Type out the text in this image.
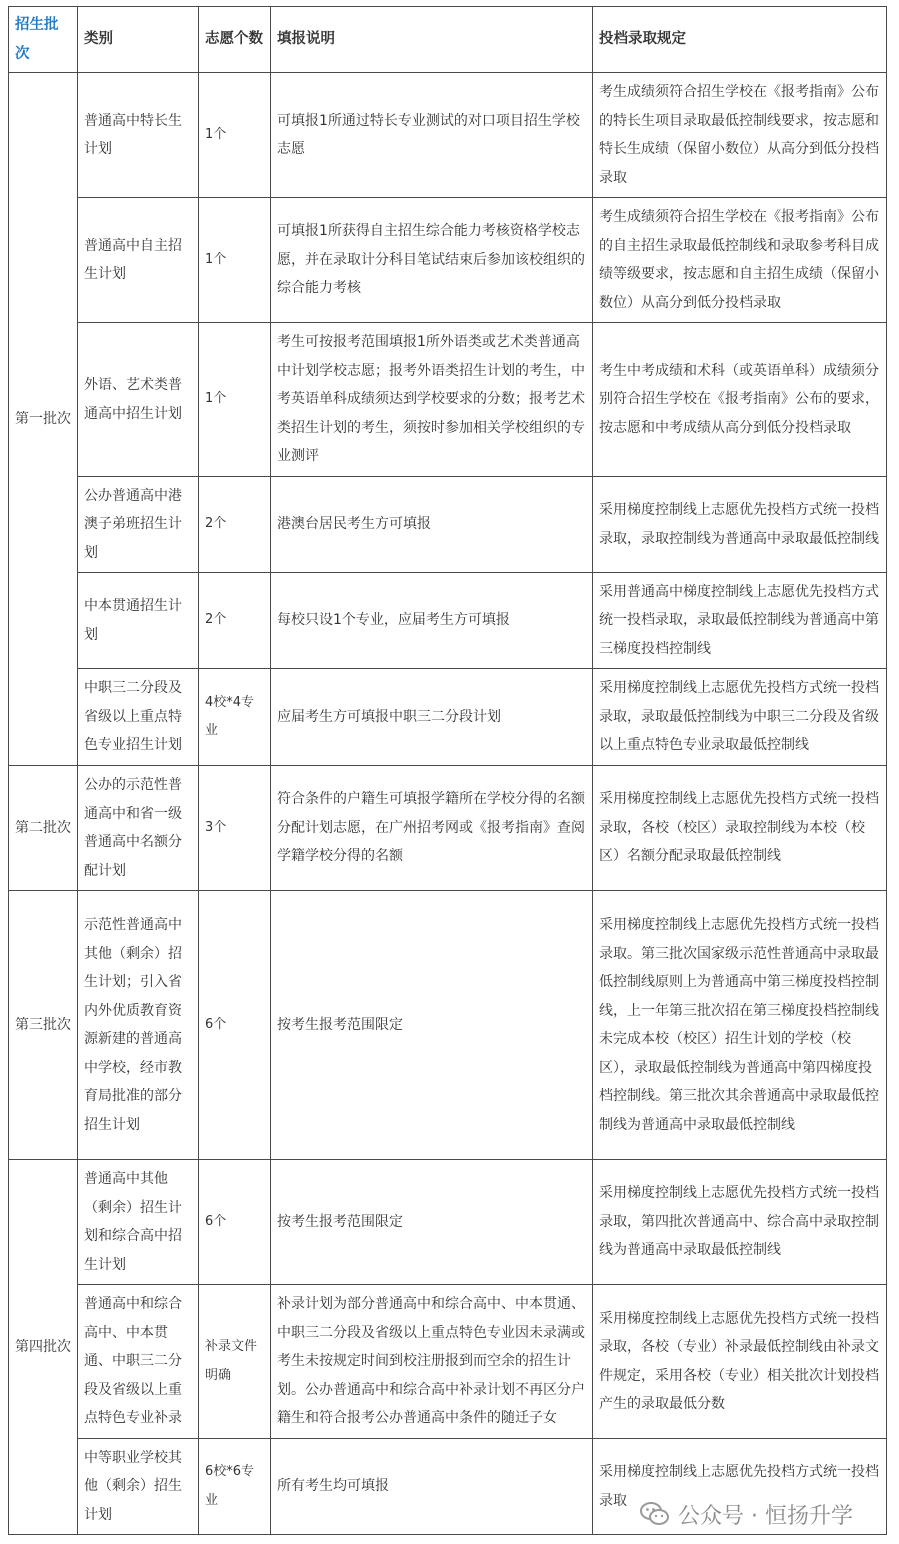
招生批次	类别	志愿个数	填报说明	投档录取规定
第一批次	普通高中特长生计划	1个	可填报1所通过特长专业测试的对口项目招生学校志愿	考生成绩须符合招生学校在《报考指南》公布的特长生项目录取最低控制线要求，按志愿和特长生成绩（保留小数位）从高分到低分投档录取
	普通高中自主招生计划	1个	可填报1所获得自主招生综合能力考核资格学校志愿，并在录取计分科目笔试结束后参加该校组织的综合能力考核	考生成绩须符合招生学校在《报考指南》公布的自主招生录取最低控制线和录取参考科目成绩等级要求，按志愿和自主招生成绩（保留小数位）从高分到低分投档录取
	外语、艺术类普通高中招生计划	1个	考生可按报考范围填报1所外语类或艺术类普通高中计划学校志愿；报考外语类招生计划的考生，中考英语单科成绩须达到学校要求的分数；报考艺术类招生计划的考生，须按时参加相关学校组织的专业测评	考生中考成绩和术科（或英语单科）成绩须分别符合招生学校在《报考指南》公布的要求，按志愿和中考成绩从高分到低分投档录取
	公办普通高中港澳子弟班招生计划	2个	港澳台居民考生方可填报	采用梯度控制线上志愿优先投档方式统一投档录取，录取控制线为普通高中录取最低控制线
	中本贯通招生计划	2个	每校只设1个专业，应届考生方可填报	采用普通高中梯度控制线上志愿优先投档方式统一投档录取，录取最低控制线为普通高中第三梯度投档控制线
	中职三二分段及省级以上重点特色专业招生计划	4校*4专业	应届考生方可填报中职三二分段计划	采用梯度控制线上志愿优先投档方式统一投档录取，录取最低控制线为中职三二分段及省级以上重点特色专业录取最低控制线
第二批次	公办的示范性普通高中和省一级普通高中名额分配计划	3个	符合条件的户籍生可填报学籍所在学校分得的名额分配计划志愿，在广州招考网或《报考指南》查阅学籍学校分得的名额	采用梯度控制线上志愿优先投档方式统一投档录取，各校（校区）录取控制线为本校（校区）名额分配录取最低控制线
第三批次	示范性普通高中其他（剩余）招生计划；引入省内外优质教育资源新建的普通高中学校，经市教育局批准的部分招生计划	6个	按考生报考范围限定	采用梯度控制线上志愿优先投档方式统一投档录取。第三批次国家级示范性普通高中录取最低控制线原则上为普通高中第三梯度投档控制线，上一年第三批次招在第三梯度投档控制线未完成本校（校区）招生计划的学校（校区），录取最低控制线为普通高中第四梯度投档控制线。第三批次其余普通高中录取最低控制线为普通高中录取最低控制线
第四批次	普通高中其他（剩余）招生计划和综合高中招生计划	6个	按考生报考范围限定	采用梯度控制线上志愿优先投档方式统一投档录取，第四批次普通高中、综合高中录取控制线为普通高中录取最低控制线
	普通高中和综合高中、中本贯通、中职三二分段及省级以上重点特色专业补录	补录文件明确	补录计划为部分普通高中和综合高中、中本贯通、中职三二分段及省级以上重点特色专业因未录满或考生未按规定时间到校注册报到而空余的招生计划。公办普通高中和综合高中补录计划不再区分户籍生和符合报考公办普通高中条件的随迁子女	采用梯度控制线上志愿优先投档方式统一投档录取，各校（专业）补录最低控制线由补录文件规定，采用各校（专业）相关批次计划投档产生的录取最低分数
	中等职业学校其他（剩余）招生计划	6校*6专业	所有考生均可填报	采用梯度控制线上志愿优先投档方式统一投档录取
公众号 · 恒扬升学
